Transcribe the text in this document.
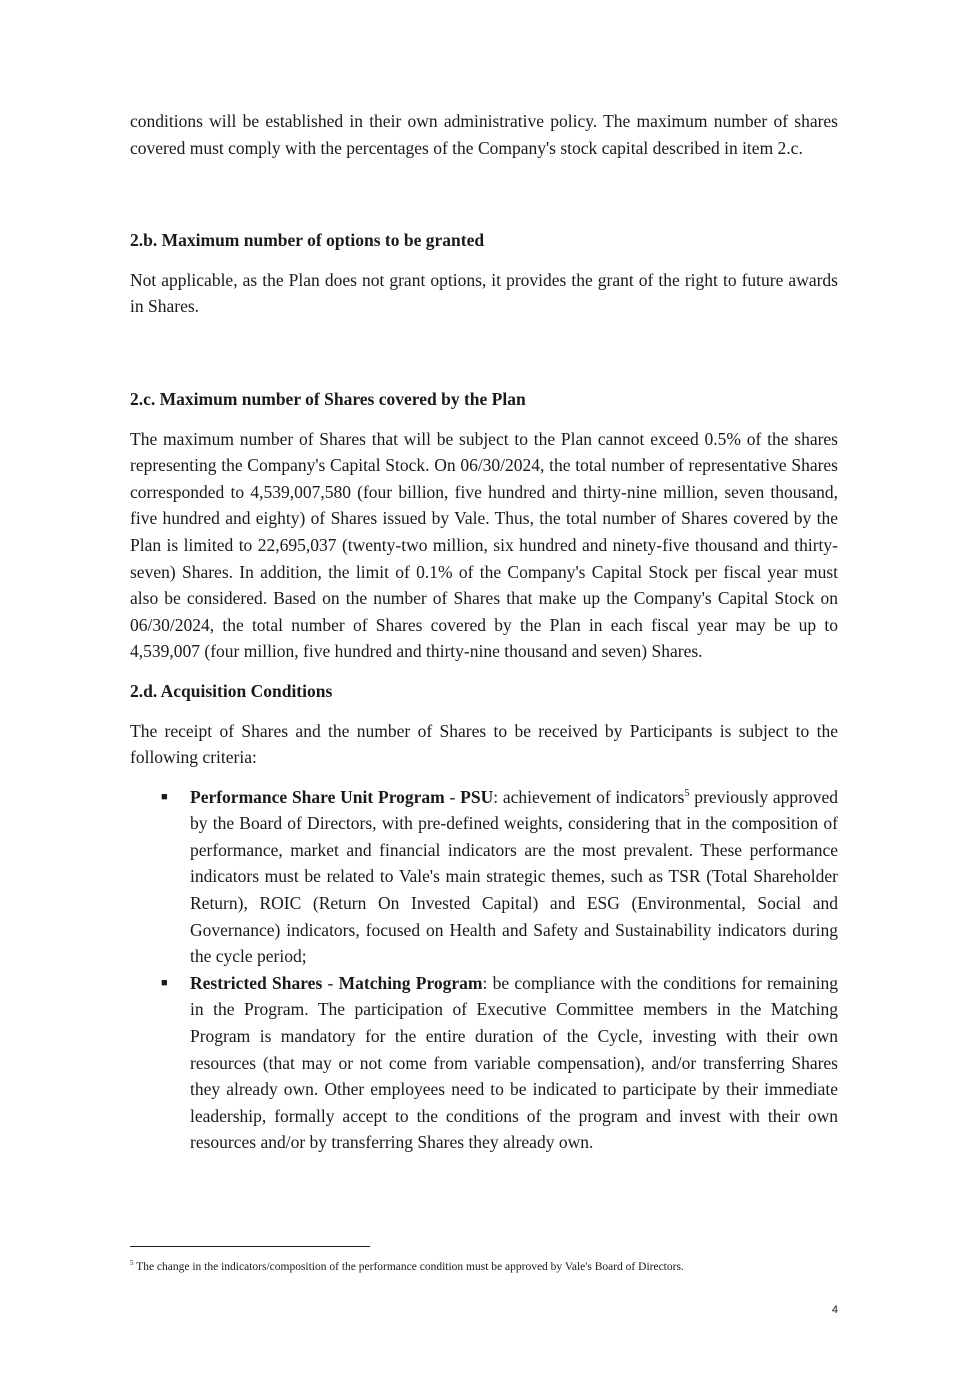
conditions will be established in their own administrative policy. The maximum number of shares covered must comply with the percentages of the Company's stock capital described in item 2.c.

2.b. Maximum number of options to be granted

Not applicable, as the Plan does not grant options, it provides the grant of the right to future awards in Shares.

2.c. Maximum number of Shares covered by the Plan

The maximum number of Shares that will be subject to the Plan cannot exceed 0.5% of the shares representing the Company's Capital Stock. On 06/30/2024, the total number of representative Shares corresponded to 4,539,007,580 (four billion, five hundred and thirty-nine million, seven thousand, five hundred and eighty) of Shares issued by Vale. Thus, the total number of Shares covered by the Plan is limited to 22,695,037 (twenty-two million, six hundred and ninety-five thousand and thirty-seven) Shares. In addition, the limit of 0.1% of the Company's Capital Stock per fiscal year must also be considered. Based on the number of Shares that make up the Company's Capital Stock on 06/30/2024, the total number of Shares covered by the Plan in each fiscal year may be up to 4,539,007 (four million, five hundred and thirty-nine thousand and seven) Shares.

2.d. Acquisition Conditions

The receipt of Shares and the number of Shares to be received by Participants is subject to the following criteria:

■ Performance Share Unit Program - PSU: achievement of indicators$^5$ previously approved by the Board of Directors, with pre-defined weights, considering that in the composition of performance, market and financial indicators are the most prevalent. These performance indicators must be related to Vale's main strategic themes, such as TSR (Total Shareholder Return), ROIC (Return On Invested Capital) and ESG (Environmental, Social and Governance) indicators, focused on Health and Safety and Sustainability indicators during the cycle period;
■ Restricted Shares - Matching Program: be compliance with the conditions for remaining in the Program. The participation of Executive Committee members in the Matching Program is mandatory for the entire duration of the Cycle, investing with their own resources (that may or not come from variable compensation), and/or transferring Shares they already own. Other employees need to be indicated to participate by their immediate leadership, formally accept to the conditions of the program and invest with their own resources and/or by transferring Shares they already own.

$^5$ The change in the indicators/composition of the performance condition must be approved by Vale's Board of Directors.

4
